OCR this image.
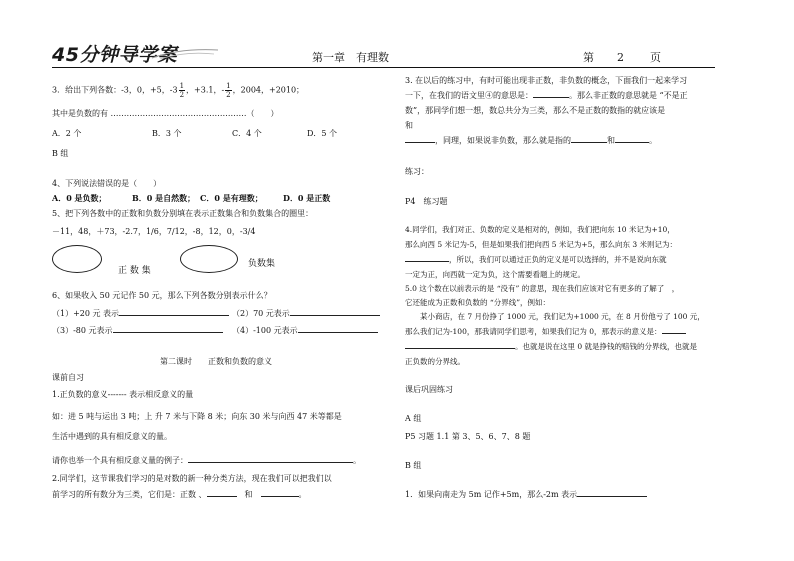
45分钟导学案	第一章　有理数	第 2 页
3．给出下列各数：-3，0，+5，$-3 \frac{1}{2}$ ，+3.1，- $\frac{1}{2}$ ，2004，+2010；
其中是负数的有 ……………………………………………（　　）
A．2 个	B．3 个	C．4 个	D．5 个
B 组
4、下列说法错误的是（　　）
A．0 是负数；	B．0 是自然数； C．0 是有理数；	D．0 是正数
5、把下列各数中的正数和负数分别填在表示正数集合和负数集合的圈里：
－11，48，＋73，-2.7，1/6，7/12，-8，12，0，-3/4
正 数 集
负数集
6、如果收入 50 元记作 50 元，那么下列各数分别表示什么？
（1）+20 元 表示	（2）70 元表示
（3）-80 元表示	（4）-100 元表示
第二课时　　正数和负数的意义
课前自习
1.正负数的意义------- 表示相反意义的量
如：进 5 吨与运出 3 吨；上 升 7 米与下降 8 米；向东 30 米与向西 47 米等都是
生活中遇到的具有相反意义的量。
请你也举一个具有相反意义量的例子：	。
2.同学们，这节课我们学习的是对数的新一种分类方法，现在我们可以把我们以
前学习的所有数分为三类，它们是：正数 、　	和　	。
3. 在以后的练习中，有时可能出现非正数，非负数的概念，下面我们一起来学习
一下，在我们的语文里④的意思是：	。那么非正数的意思就是 “不是正
数”，那同学们想一想，数总共分为三类，那么不是正数的数指的就应该是
和
，同理，如果说非负数，那么就是指的	和	。
练习：
P4　练习题
4.同学们，我们对正、负数的定义是相对的，例如，我们把向东 10 米记为+10，
那么向西 5 米记为-5，但是如果我们把向西 5 米记为+5，那么向东 3 米则记为：
，所以，我们可以通过正负的定义是可以选择的，并不是说向东就
一定为正，向西就一定为负，这个需要看题上的规定。
5.0 这个数在以前表示的是 “没有” 的意思，现在我们应该对它有更多的了解了　，
它还能成为正数和负数的 “分界线”，例如：
某小商店，在 7 月份挣了 1000 元，我们记为+1000 元，在 8 月份他亏了 100 元，
那么我们记为-100，那我请同学们思考，如果我们记为 0，那表示的意义是：
。也就是说在这里 0 就是挣钱的赔钱的分界线，也就是
正负数的分界线。
课后巩固练习
A 组
P5 习题 1.1 第 3、5、6、7、8 题
B 组
1．如果向南走为 5m 记作+5m，那么-2m 表示
